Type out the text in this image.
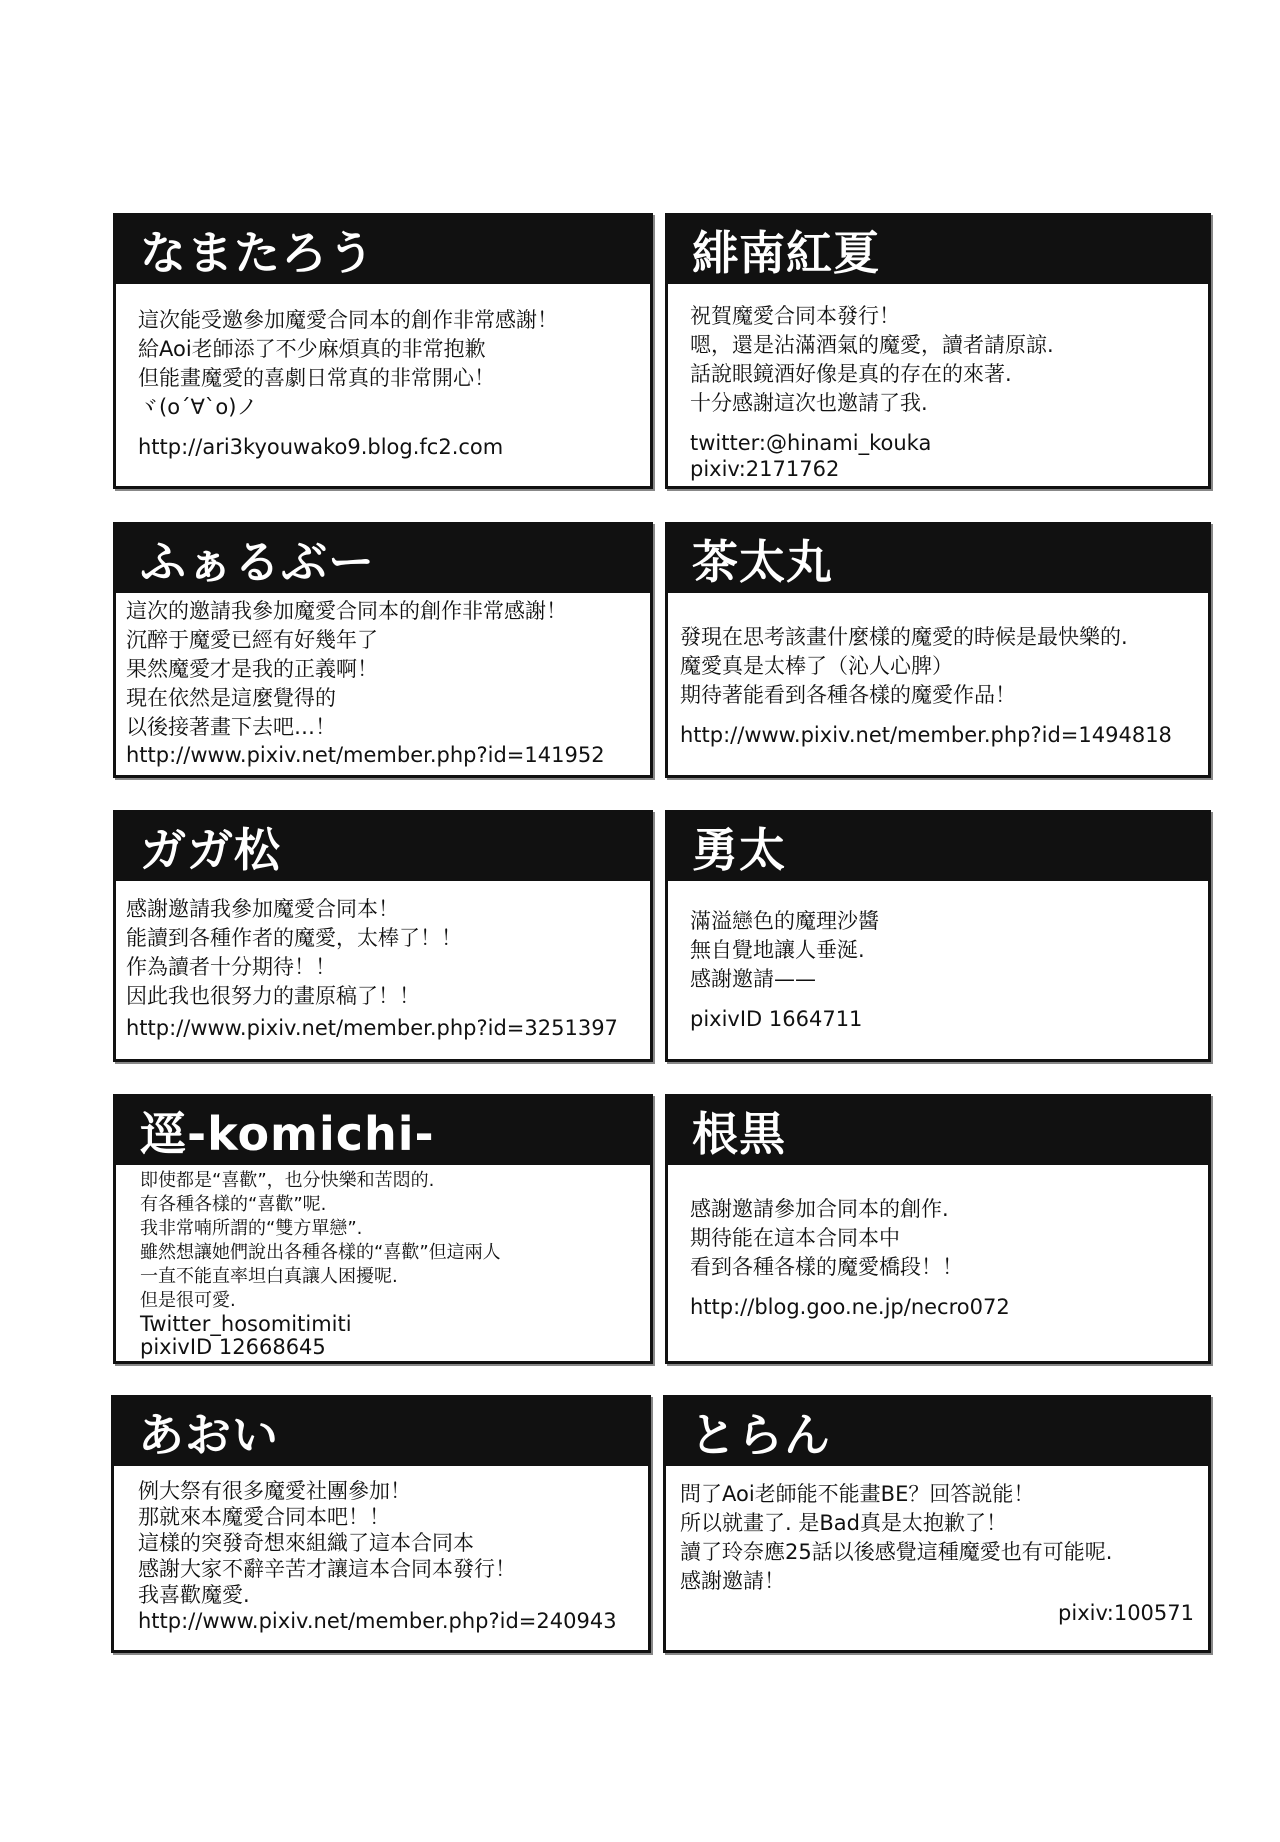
なまたろう
這次能受邀參加魔愛合同本的創作非常感謝！
給Aoi老師添了不少麻煩真的非常抱歉
但能畫魔愛的喜劇日常真的非常開心！
ヾ(o´∀`o)ノ
http://ari3kyouwako9.blog.fc2.com
緋南紅夏
祝賀魔愛合同本發行！
嗯，還是沾滿酒氣的魔愛，讀者請原諒.
話說眼鏡酒好像是真的存在的來著.
十分感謝這次也邀請了我.
twitter:@hinami_kouka
pixiv:2171762
ふぁるぶー
這次的邀請我參加魔愛合同本的創作非常感謝！
沉醉于魔愛已經有好幾年了
果然魔愛才是我的正義啊！
現在依然是這麼覺得的
以後接著畫下去吧…！
http://www.pixiv.net/member.php?id=141952
茶太丸
發現在思考該畫什麼樣的魔愛的時候是最快樂的.
魔愛真是太棒了（沁人心脾）
期待著能看到各種各樣的魔愛作品！
http://www.pixiv.net/member.php?id=1494818
ガガ松
感謝邀請我參加魔愛合同本！
能讀到各種作者的魔愛，太棒了！！
作為讀者十分期待！！
因此我也很努力的畫原稿了！！
http://www.pixiv.net/member.php?id=3251397
勇太
滿溢戀色的魔理沙醬
無自覺地讓人垂涎.
感謝邀請——
pixivID 1664711
逕-komichi-
即使都是“喜歡”，也分快樂和苦悶的.
有各種各樣的“喜歡”呢.
我非常喃所謂的“雙方單戀”.
雖然想讓她們說出各種各樣的“喜歡”但這兩人
一直不能直率坦白真讓人困擾呢.
但是很可愛.
Twitter_hosomitimiti
pixivID 12668645
根黒
感謝邀請參加合同本的創作.
期待能在這本合同本中
看到各種各樣的魔愛橋段！！
http://blog.goo.ne.jp/necro072
あおい
例大祭有很多魔愛社團參加！
那就來本魔愛合同本吧！！
這樣的突發奇想來組織了這本合同本
感謝大家不辭辛苦才讓這本合同本發行！
我喜歡魔愛.
http://www.pixiv.net/member.php?id=240943
とらん
問了Aoi老師能不能畫BE？回答説能！
所以就畫了. 是Bad真是太抱歉了！
讀了玲奈應25話以後感覺這種魔愛也有可能呢.
感謝邀請！
pixiv:100571
